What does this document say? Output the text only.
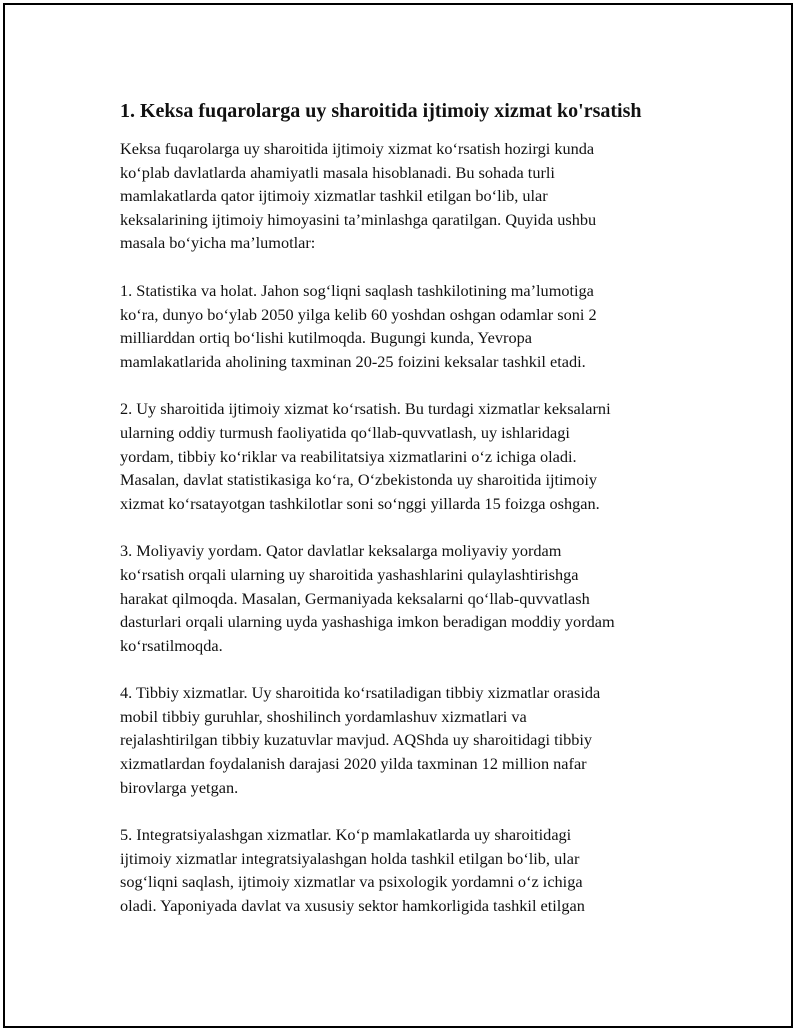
1. Keksa fuqarolarga uy sharoitida ijtimoiy xizmat ko'rsatish

Keksa fuqarolarga uy sharoitida ijtimoiy xizmat koʻrsatish hozirgi kunda
koʻplab davlatlarda ahamiyatli masala hisoblanadi. Bu sohada turli
mamlakatlarda qator ijtimoiy xizmatlar tashkil etilgan boʻlib, ular
keksalarining ijtimoiy himoyasini taʼminlashga qaratilgan. Quyida ushbu
masala boʻyicha maʼlumotlar:

1. Statistika va holat. Jahon sogʻliqni saqlash tashkilotining maʼlumotiga
koʻra, dunyo boʻylab 2050 yilga kelib 60 yoshdan oshgan odamlar soni 2
milliarddan ortiq boʻlishi kutilmoqda. Bugungi kunda, Yevropa
mamlakatlarida aholining taxminan 20-25 foizini keksalar tashkil etadi.

2. Uy sharoitida ijtimoiy xizmat koʻrsatish. Bu turdagi xizmatlar keksalarni
ularning oddiy turmush faoliyatida qoʻllab-quvvatlash, uy ishlaridagi
yordam, tibbiy koʻriklar va reabilitatsiya xizmatlarini oʻz ichiga oladi.
Masalan, davlat statistikasiga koʻra, Oʻzbekistonda uy sharoitida ijtimoiy
xizmat koʻrsatayotgan tashkilotlar soni soʻnggi yillarda 15 foizga oshgan.

3. Moliyaviy yordam. Qator davlatlar keksalarga moliyaviy yordam
koʻrsatish orqali ularning uy sharoitida yashashlarini qulaylashtirishga
harakat qilmoqda. Masalan, Germaniyada keksalarni qoʻllab-quvvatlash
dasturlari orqali ularning uyda yashashiga imkon beradigan moddiy yordam
koʻrsatilmoqda.

4. Tibbiy xizmatlar. Uy sharoitida koʻrsatiladigan tibbiy xizmatlar orasida
mobil tibbiy guruhlar, shoshilinch yordamlashuv xizmatlari va
rejalashtirilgan tibbiy kuzatuvlar mavjud. AQShda uy sharoitidagi tibbiy
xizmatlardan foydalanish darajasi 2020 yilda taxminan 12 million nafar
birovlarga yetgan.

5. Integratsiyalashgan xizmatlar. Koʻp mamlakatlarda uy sharoitidagi
ijtimoiy xizmatlar integratsiyalashgan holda tashkil etilgan boʻlib, ular
sogʻliqni saqlash, ijtimoiy xizmatlar va psixologik yordamni oʻz ichiga
oladi. Yaponiyada davlat va xususiy sektor hamkorligida tashkil etilgan
